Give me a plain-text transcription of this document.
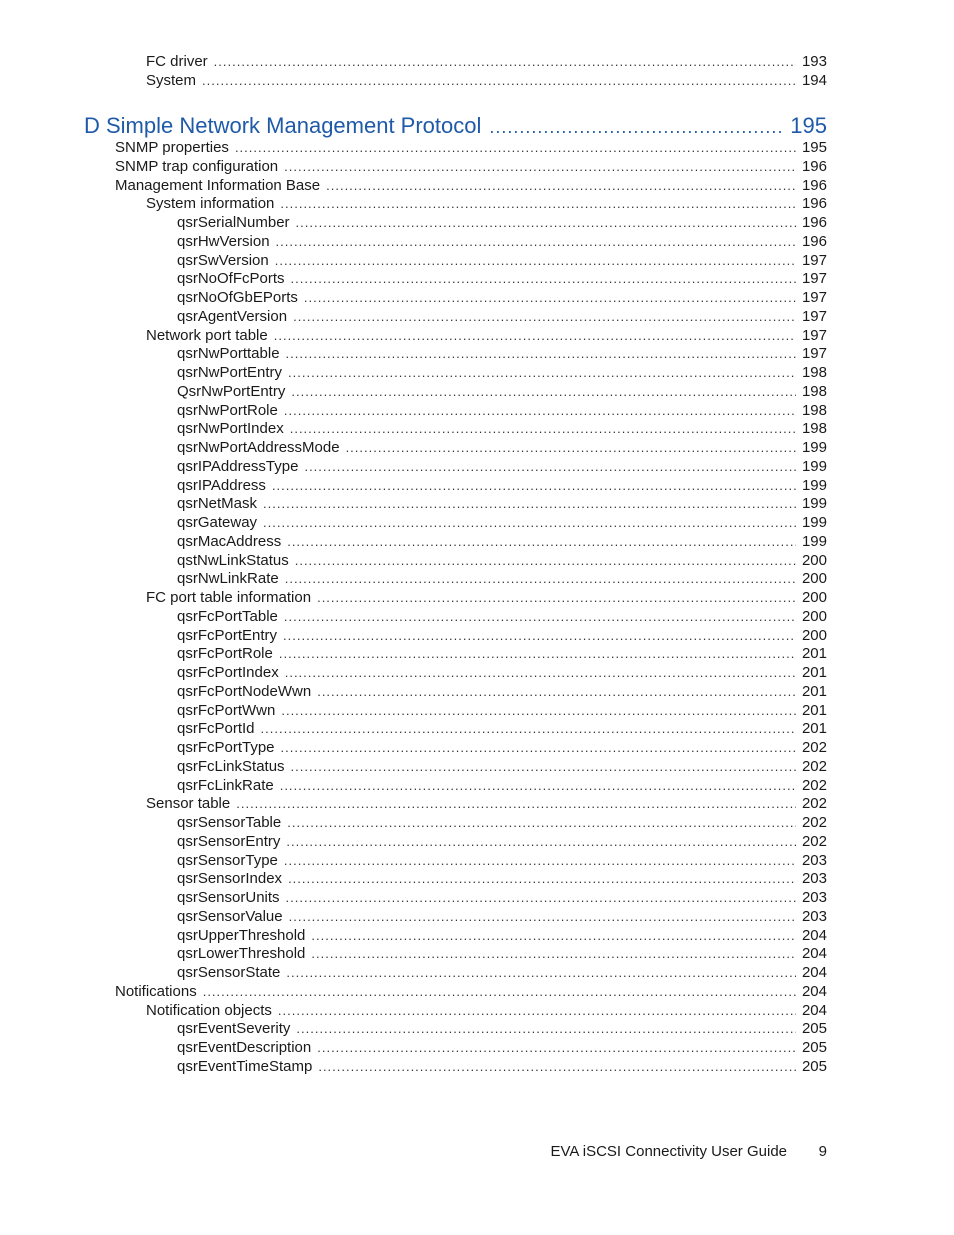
FC driver .....	193
System .....	194
D Simple Network Management Protocol .....	195
SNMP properties .....	195
SNMP trap configuration .....	196
Management Information Base .....	196
System information .....	196
qsrSerialNumber .....	196
qsrHwVersion .....	196
qsrSwVersion .....	197
qsrNoOfFcPorts .....	197
qsrNoOfGbEPorts .....	197
qsrAgentVersion .....	197
Network port table .....	197
qsrNwPorttable .....	197
qsrNwPortEntry .....	198
QsrNwPortEntry .....	198
qsrNwPortRole .....	198
qsrNwPortIndex .....	198
qsrNwPortAddressMode .....	199
qsrIPAddressType .....	199
qsrIPAddress .....	199
qsrNetMask .....	199
qsrGateway .....	199
qsrMacAddress .....	199
qstNwLinkStatus .....	200
qsrNwLinkRate .....	200
FC port table information .....	200
qsrFcPortTable .....	200
qsrFcPortEntry .....	200
qsrFcPortRole .....	201
qsrFcPortIndex .....	201
qsrFcPortNodeWwn .....	201
qsrFcPortWwn .....	201
qsrFcPortId .....	201
qsrFcPortType .....	202
qsrFcLinkStatus .....	202
qsrFcLinkRate .....	202
Sensor table .....	202
qsrSensorTable .....	202
qsrSensorEntry .....	202
qsrSensorType .....	203
qsrSensorIndex .....	203
qsrSensorUnits .....	203
qsrSensorValue .....	203
qsrUpperThreshold .....	204
qsrLowerThreshold .....	204
qsrSensorState .....	204
Notifications .....	204
Notification objects .....	204
qsrEventSeverity .....	205
qsrEventDescription .....	205
qsrEventTimeStamp .....	205
EVA iSCSI Connectivity User Guide 9
